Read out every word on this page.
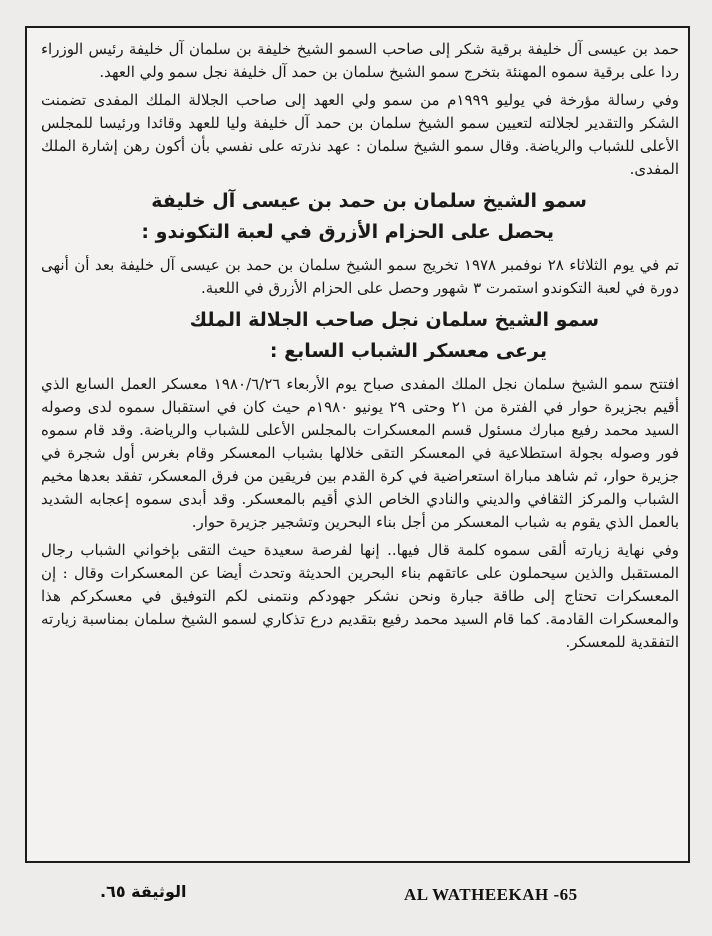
حمد بن عيسى آل خليفة برقية شكر إلى صاحب السمو الشيخ خليفة بن سلمان آل خليفة رئيس الوزراء ردا على برقية سموه المهنئة بتخرج سمو الشيخ سلمان بن حمد آل خليفة نجل سمو ولي العهد.

وفي رسالة مؤرخة في يوليو ١٩٩٩م من سمو ولي العهد إلى صاحب الجلالة الملك المفدى تضمنت الشكر والتقدير لجلالته لتعيين سمو الشيخ سلمان بن حمد آل خليفة وليا للعهد وقائدا ورئيسا للمجلس الأعلى للشباب والرياضة. وقال سمو الشيخ سلمان : عهد نذرته على نفسي بأن أكون رهن إشارة الملك المفدى.

سمو الشيخ سلمان بن حمد بن عيسى آل خليفة
يحصل على الحزام الأزرق في لعبة التكوندو :

تم في يوم الثلاثاء ٢٨ نوفمبر ١٩٧٨ تخريج سمو الشيخ سلمان بن حمد بن عيسى آل خليفة بعد أن أنهى دورة في لعبة التكوندو استمرت ٣ شهور وحصل على الحزام الأزرق في اللعبة.

سمو الشيخ سلمان نجل صاحب الجلالة الملك
يرعى معسكر الشباب السابع :

افتتح سمو الشيخ سلمان نجل الملك المفدى صباح يوم الأربعاء ١٩٨٠/٦/٢٦ معسكر العمل السابع الذي أقيم بجزيرة حوار في الفترة من ٢١ وحتى ٢٩ يونيو ١٩٨٠م حيث كان في استقبال سموه لدى وصوله السيد محمد رفيع مبارك مسئول قسم المعسكرات بالمجلس الأعلى للشباب والرياضة. وقد قام سموه فور وصوله بجولة استطلاعية في المعسكر التقى خلالها بشباب المعسكر وقام بغرس أول شجرة في جزيرة حوار، ثم شاهد مباراة استعراضية في كرة القدم بين فريقين من فرق المعسكر، تفقد بعدها مخيم الشباب والمركز الثقافي والديني والنادي الخاص الذي أقيم بالمعسكر. وقد أبدى سموه إعجابه الشديد بالعمل الذي يقوم به شباب المعسكر من أجل بناء البحرين وتشجير جزيرة حوار.

وفي نهاية زيارته ألقى سموه كلمة قال فيها.. إنها لفرصة سعيدة حيث التقى بإخواني الشباب رجال المستقبل والذين سيحملون على عاتقهم بناء البحرين الحديثة وتحدث أيضا عن المعسكرات وقال : إن المعسكرات تحتاج إلى طاقة جبارة ونحن نشكر جهودكم ونتمنى لكم التوفيق في معسكركم هذا والمعسكرات القادمة. كما قام السيد محمد رفيع بتقديم درع تذكاري لسمو الشيخ سلمان بمناسبة زيارته التفقدية للمعسكر.

الوثيقة ٦٥.	AL WATHEEKAH -65
